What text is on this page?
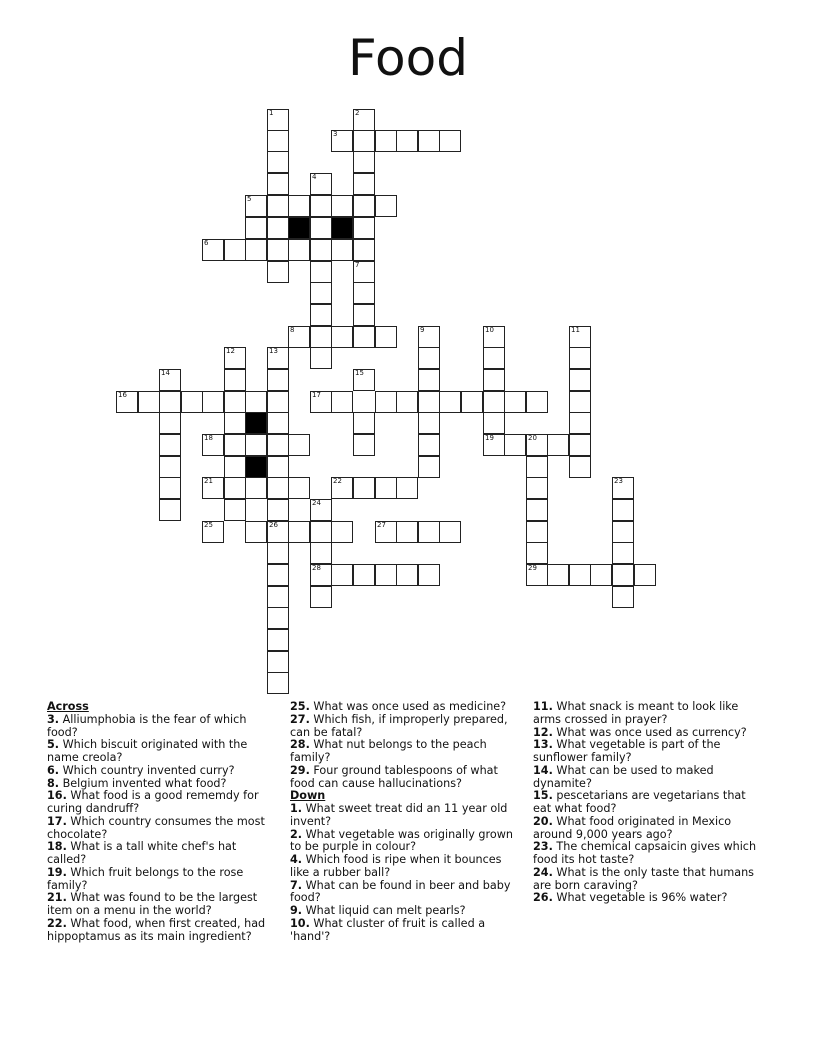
Food
1	2
3
4
5
6
7
8	9	10
19
11
12	13
14	15
16	17
18	20
29
21	22	23
24
28
25	27
26
Across
3. Alliumphobia is the fear of which food?
5. Which biscuit originated with the name creola?
6. Which country invented curry?
8. Belgium invented what food?
16. What food is a good rememdy for curing dandruff?
17. Which country consumes the most chocolate?
18. What is a tall white chef's hat called?
19. Which fruit belongs to the rose family?
21. What was found to be the largest item on a menu in the world?
22. What food, when first created, had hippoptamus as its main ingredient?
25. What was once used as medicine?
27. Which fish, if improperly prepared, can be fatal?
28. What nut belongs to the peach family?
29. Four ground tablespoons of what food can cause hallucinations?
Down
1. What sweet treat did an 11 year old invent?
2. What vegetable was originally grown to be purple in colour?
4. Which food is ripe when it bounces like a rubber ball?
7. What can be found in beer and baby food?
9. What liquid can melt pearls?
10. What cluster of fruit is called a 'hand'?
11. What snack is meant to look like arms crossed in prayer?
12. What was once used as currency?
13. What vegetable is part of the sunflower family?
14. What can be used to maked dynamite?
15. pescetarians are vegetarians that eat what food?
20. What food originated in Mexico around 9,000 years ago?
23. The chemical capsaicin gives which food its hot taste?
24. What is the only taste that humans are born caraving?
26. What vegetable is 96% water?
